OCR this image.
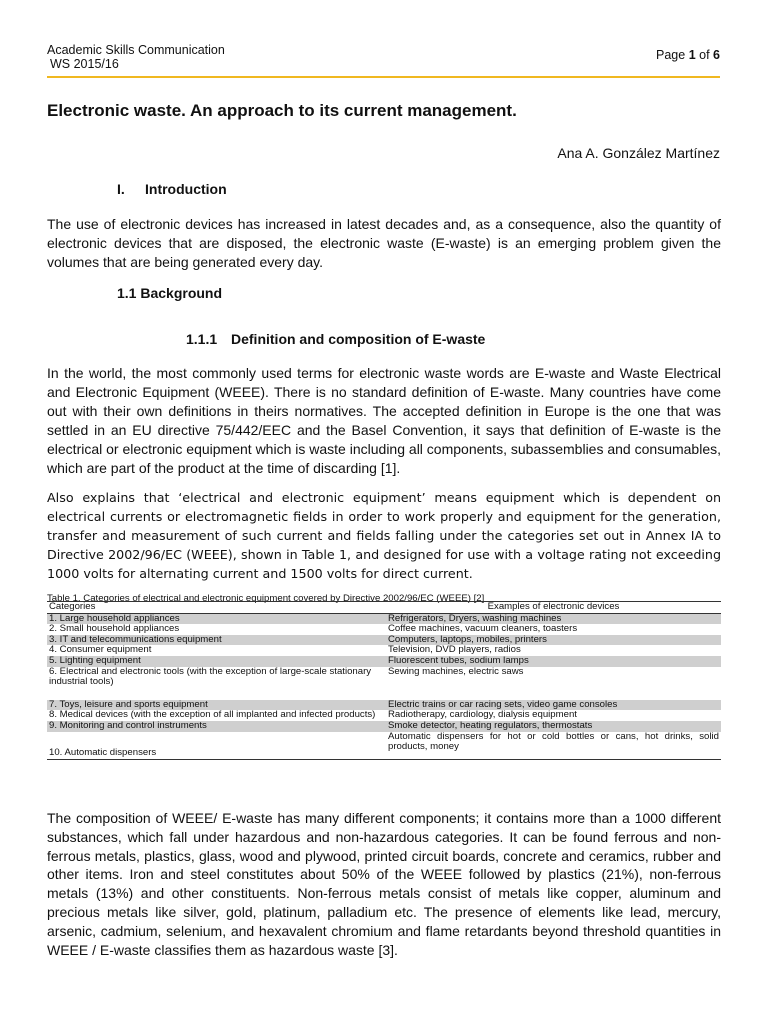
Academic Skills Communication
WS 2015/16
Page 1 of 6
Electronic waste. An approach to its current management.
Ana A. González Martínez
I. Introduction
The use of electronic devices has increased in latest decades and, as a consequence, also the quantity of electronic devices that are disposed, the electronic waste (E-waste) is an emerging problem given the volumes that are being generated every day.
1.1 Background
1.1.1 Definition and composition of E-waste
In the world, the most commonly used terms for electronic waste words are E-waste and Waste Electrical and Electronic Equipment (WEEE). There is no standard definition of E-waste. Many countries have come out with their own definitions in theirs normatives. The accepted definition in Europe is the one that was settled in an EU directive 75/442/EEC and the Basel Convention, it says that definition of E-waste is the electrical or electronic equipment which is waste including all components, subassemblies and consumables, which are part of the product at the time of discarding [1].
Also explains that ‘electrical and electronic equipment’ means equipment which is dependent on electrical currents or electromagnetic fields in order to work properly and equipment for the generation, transfer and measurement of such current and fields falling under the categories set out in Annex IA to Directive 2002/96/EC (WEEE), shown in Table 1, and designed for use with a voltage rating not exceeding 1000 volts for alternating current and 1500 volts for direct current.
Table 1. Categories of electrical and electronic equipment covered by Directive 2002/96/EC (WEEE) [2]
Categories	Examples of electronic devices
1. Large household appliances	Refrigerators, Dryers, washing machines
2. Small household appliances	Coffee machines, vacuum cleaners, toasters
3. IT and telecommunications equipment	Computers, laptops, mobiles, printers
4. Consumer equipment	Television, DVD players, radios
5. Lighting equipment	Fluorescent tubes, sodium lamps
6. Electrical and electronic tools (with the exception of large-scale stationary industrial tools)	Sewing machines, electric saws
7. Toys, leisure and sports equipment	Electric trains or car racing sets, video game consoles
8. Medical devices (with the exception of all implanted and infected products)	Radiotherapy, cardiology, dialysis equipment
9. Monitoring and control instruments	Smoke detector, heating regulators, thermostats
10. Automatic dispensers	Automatic dispensers for hot or cold bottles or cans, hot drinks, solid products, money
The composition of WEEE/ E-waste has many different components; it contains more than a 1000 different substances, which fall under hazardous and non-hazardous categories. It can be found ferrous and non-ferrous metals, plastics, glass, wood and plywood, printed circuit boards, concrete and ceramics, rubber and other items. Iron and steel constitutes about 50% of the WEEE followed by plastics (21%), non-ferrous metals (13%) and other constituents. Non-ferrous metals consist of metals like copper, aluminum and precious metals like silver, gold, platinum, palladium etc. The presence of elements like lead, mercury, arsenic, cadmium, selenium, and hexavalent chromium and flame retardants beyond threshold quantities in WEEE / E-waste classifies them as hazardous waste [3].
